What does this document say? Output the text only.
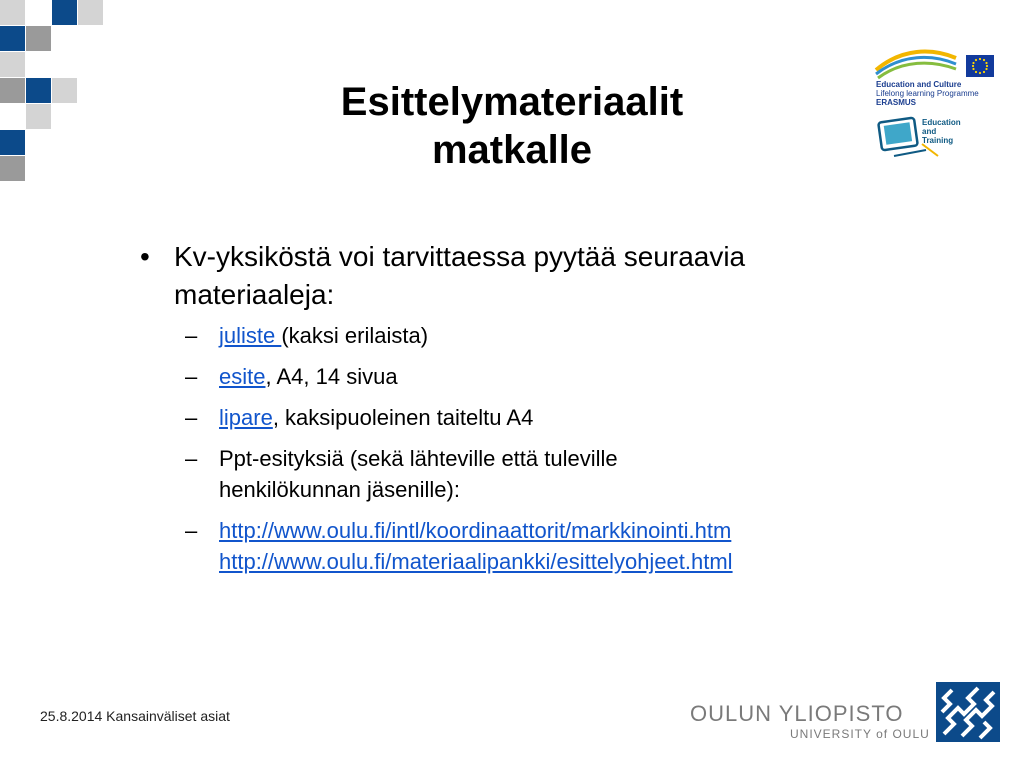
Esittelymateriaalit
matkalle
• Kv-yksiköstä voi tarvittaessa pyytää seuraavia
materiaaleja:
– juliste (kaksi erilaista)
– esite, A4, 14 sivua
– lipare, kaksipuoleinen taiteltu A4
– Ppt-esityksiä (sekä lähteville että tuleville
henkilökunnan jäsenille):
– http://www.oulu.fi/intl/koordinaattorit/markkinointi.htm
http://www.oulu.fi/materiaalipankki/esittelyohjeet.html
Education and Culture
Lifelong learning Programme
ERASMUS
Education
and
Training
25.8.2014 Kansainväliset asiat	OULUN YLIOPISTO
UNIVERSITY of OULU
